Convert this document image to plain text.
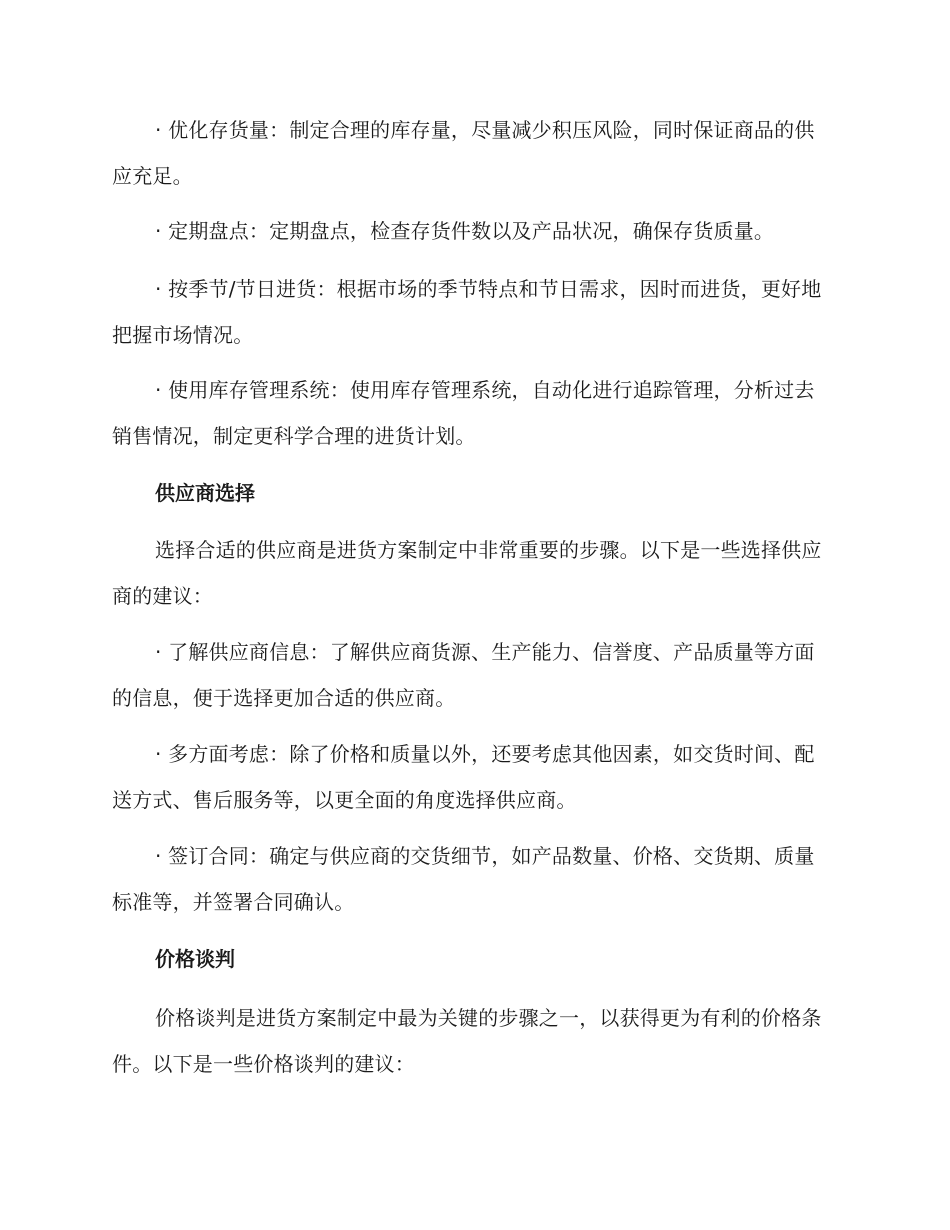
· 优化存货量：制定合理的库存量，尽量减少积压风险，同时保证商品的供应充足。

· 定期盘点：定期盘点，检查存货件数以及产品状况，确保存货质量。

· 按季节/节日进货：根据市场的季节特点和节日需求，因时而进货，更好地把握市场情况。

· 使用库存管理系统：使用库存管理系统，自动化进行追踪管理，分析过去销售情况，制定更科学合理的进货计划。

供应商选择

选择合适的供应商是进货方案制定中非常重要的步骤。以下是一些选择供应商的建议：

· 了解供应商信息：了解供应商货源、生产能力、信誉度、产品质量等方面的信息，便于选择更加合适的供应商。

· 多方面考虑：除了价格和质量以外，还要考虑其他因素，如交货时间、配送方式、售后服务等，以更全面的角度选择供应商。

· 签订合同：确定与供应商的交货细节，如产品数量、价格、交货期、质量标准等，并签署合同确认。

价格谈判

价格谈判是进货方案制定中最为关键的步骤之一，以获得更为有利的价格条件。以下是一些价格谈判的建议：
